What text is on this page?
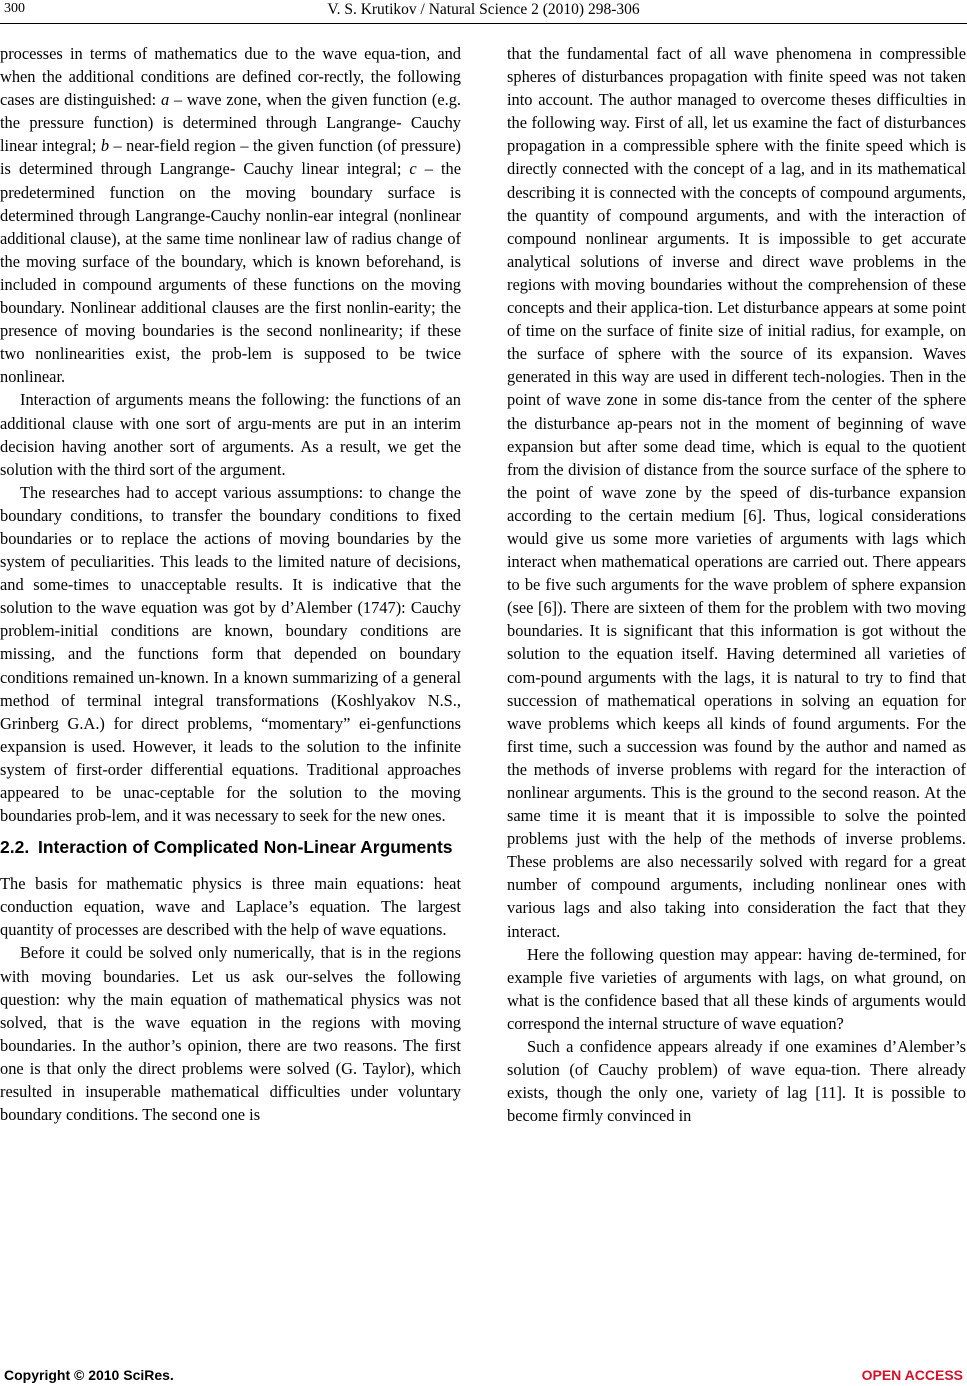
300	V. S. Krutikov / Natural Science 2 (2010) 298-306

processes in terms of mathematics due to the wave equa-tion, and when the additional conditions are defined cor-rectly, the following cases are distinguished: a – wave zone, when the given function (e.g. the pressure function) is determined through Langrange- Cauchy linear integral; b – near-field region – the given function (of pressure) is determined through Langrange- Cauchy linear integral; c – the predetermined function on the moving boundary surface is determined through Langrange-Cauchy nonlin-ear integral (nonlinear additional clause), at the same time nonlinear law of radius change of the moving surface of the boundary, which is known beforehand, is included in compound arguments of these functions on the moving boundary. Nonlinear additional clauses are the first nonlin-earity; the presence of moving boundaries is the second nonlinearity; if these two nonlinearities exist, the prob-lem is supposed to be twice nonlinear.

Interaction of arguments means the following: the functions of an additional clause with one sort of argu-ments are put in an interim decision having another sort of arguments. As a result, we get the solution with the third sort of the argument.

The researches had to accept various assumptions: to change the boundary conditions, to transfer the boundary conditions to fixed boundaries or to replace the actions of moving boundaries by the system of peculiarities. This leads to the limited nature of decisions, and some-times to unacceptable results. It is indicative that the solution to the wave equation was got by d’Alember (1747): Cauchy problem-initial conditions are known, boundary conditions are missing, and the functions form that depended on boundary conditions remained un-known. In a known summarizing of a general method of terminal integral transformations (Koshlyakov N.S., Grinberg G.A.) for direct problems, “momentary” ei-genfunctions expansion is used. However, it leads to the solution to the infinite system of first-order differential equations. Traditional approaches appeared to be unac-ceptable for the solution to the moving boundaries prob-lem, and it was necessary to seek for the new ones.

2.2. Interaction of Complicated Non-Linear Arguments

The basis for mathematic physics is three main equations: heat conduction equation, wave and Laplace’s equation. The largest quantity of processes are described with the help of wave equations.

Before it could be solved only numerically, that is in the regions with moving boundaries. Let us ask our-selves the following question: why the main equation of mathematical physics was not solved, that is the wave equation in the regions with moving boundaries. In the author’s opinion, there are two reasons. The first one is that only the direct problems were solved (G. Taylor), which resulted in insuperable mathematical difficulties under voluntary boundary conditions. The second one is

that the fundamental fact of all wave phenomena in compressible spheres of disturbances propagation with finite speed was not taken into account. The author managed to overcome theses difficulties in the following way. First of all, let us examine the fact of disturbances propagation in a compressible sphere with the finite speed which is directly connected with the concept of a lag, and in its mathematical describing it is connected with the concepts of compound arguments, the quantity of compound arguments, and with the interaction of compound nonlinear arguments. It is impossible to get accurate analytical solutions of inverse and direct wave problems in the regions with moving boundaries without the comprehension of these concepts and their applica-tion. Let disturbance appears at some point of time on the surface of finite size of initial radius, for example, on the surface of sphere with the source of its expansion. Waves generated in this way are used in different tech-nologies. Then in the point of wave zone in some dis-tance from the center of the sphere the disturbance ap-pears not in the moment of beginning of wave expansion but after some dead time, which is equal to the quotient from the division of distance from the source surface of the sphere to the point of wave zone by the speed of dis-turbance expansion according to the certain medium [6]. Thus, logical considerations would give us some more varieties of arguments with lags which interact when mathematical operations are carried out. There appears to be five such arguments for the wave problem of sphere expansion (see [6]). There are sixteen of them for the problem with two moving boundaries. It is significant that this information is got without the solution to the equation itself. Having determined all varieties of com-pound arguments with the lags, it is natural to try to find that succession of mathematical operations in solving an equation for wave problems which keeps all kinds of found arguments. For the first time, such a succession was found by the author and named as the methods of inverse problems with regard for the interaction of nonlinear arguments. This is the ground to the second reason. At the same time it is meant that it is impossible to solve the pointed problems just with the help of the methods of inverse problems. These problems are also necessarily solved with regard for a great number of compound arguments, including nonlinear ones with various lags and also taking into consideration the fact that they interact.

Here the following question may appear: having de-termined, for example five varieties of arguments with lags, on what ground, on what is the confidence based that all these kinds of arguments would correspond the internal structure of wave equation?

Such a confidence appears already if one examines d’Alember’s solution (of Cauchy problem) of wave equa-tion. There already exists, though the only one, variety of lag [11]. It is possible to become firmly convinced in

Copyright © 2010 SciRes.	OPEN ACCESS
